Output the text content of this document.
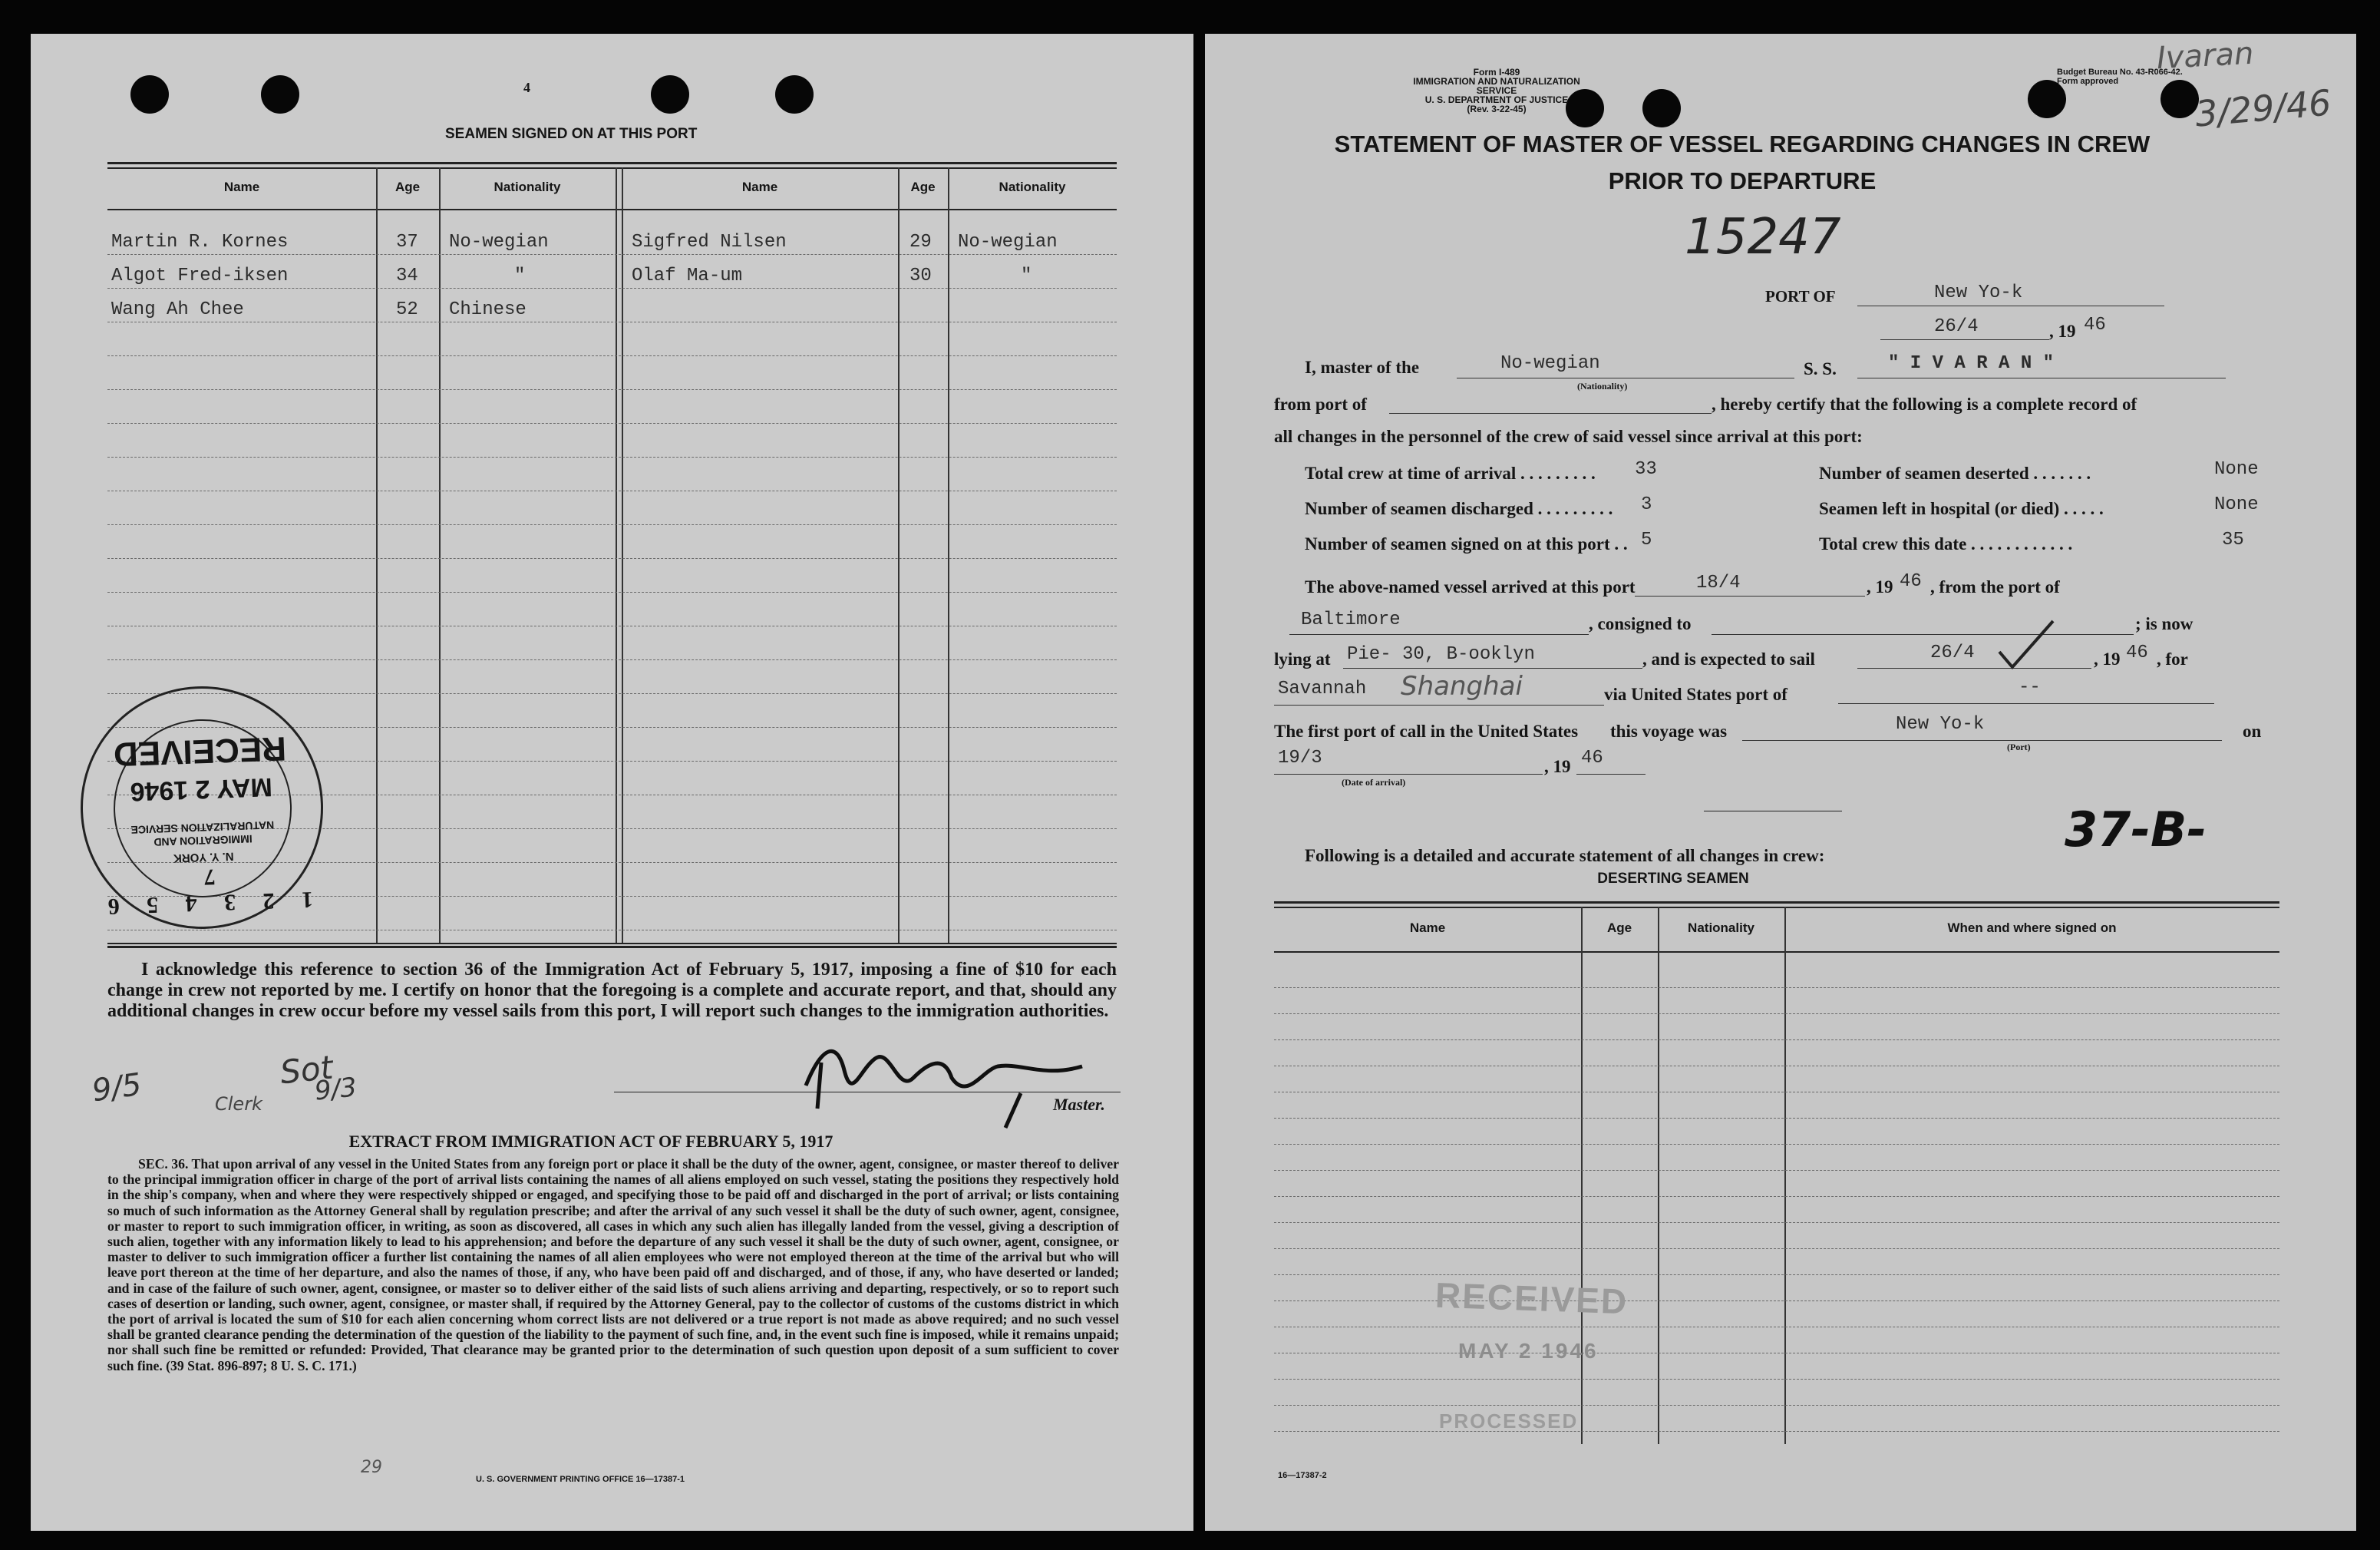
4
SEAMEN SIGNED ON AT THIS PORT
Name	Age	Nationality	Name	Age	Nationality
Martin R. Kornes	37 No-wegian	Sigfred Nilsen	29 No-wegian
Algot Fred-iksen	34	"	Olaf Ma-um	30	"
Wang Ah Chee	52 Chinese
1 2 3 4 5 6 7
N. Y. YORK
IMMIGRATION AND NATURALIZATION SERVICE
MAY 2 1946
RECEIVED
I acknowledge this reference to section 36 of the Immigration Act of February 5, 1917, imposing a fine of $10 for each change in crew not reported by me. I certify on honor that the foregoing is a complete and accurate report, and that, should any additional changes in crew occur before my vessel sails from this port, I will report such changes to the immigration authorities.
Master.
Clerk
9/5	Sot
9/3
EXTRACT FROM IMMIGRATION ACT OF FEBRUARY 5, 1917
SEC. 36. That upon arrival of any vessel in the United States from any foreign port or place it shall be the duty of the owner, agent, consignee, or master thereof to deliver to the principal immigration officer in charge of the port of arrival lists containing the names of all aliens employed on such vessel, stating the positions they respectively hold in the ship's company, when and where they were respectively shipped or engaged, and specifying those to be paid off and discharged in the port of arrival; or lists containing so much of such information as the Attorney General shall by regulation prescribe; and after the arrival of any such vessel it shall be the duty of such owner, agent, consignee, or master to report to such immigration officer, in writing, as soon as discovered, all cases in which any such alien has illegally landed from the vessel, giving a description of such alien, together with any information likely to lead to his apprehension; and before the departure of any such vessel it shall be the duty of such owner, agent, consignee, or master to deliver to such immigration officer a further list containing the names of all alien employees who were not employed thereon at the time of the arrival but who will leave port thereon at the time of her departure, and also the names of those, if any, who have been paid off and discharged, and of those, if any, who have deserted or landed; and in case of the failure of such owner, agent, consignee, or master so to deliver either of the said lists of such aliens arriving and departing, respectively, or so to report such cases of desertion or landing, such owner, agent, consignee, or master shall, if required by the Attorney General, pay to the collector of customs of the customs district in which the port of arrival is located the sum of $10 for each alien concerning whom correct lists are not delivered or a true report is not made as above required; and no such vessel shall be granted clearance pending the determination of the question of the liability to the payment of such fine, and, in the event such fine is imposed, while it remains unpaid; nor shall such fine be remitted or refunded: Provided, That clearance may be granted prior to the determination of such question upon deposit of a sum sufficient to cover such fine. (39 Stat. 896-897; 8 U. S. C. 171.)
29
U. S. GOVERNMENT PRINTING OFFICE 16—17387-1
Form I-489
IMMIGRATION AND NATURALIZATION SERVICE
U. S. DEPARTMENT OF JUSTICE
(Rev. 3-22-45)
Budget Bureau No. 43-R066-42.
Form approved
Ivaran
3/29/46
STATEMENT OF MASTER OF VESSEL REGARDING CHANGES IN CREW
PRIOR TO DEPARTURE
15247
PORT OF	New Yo-k
26/4	, 19 46
I, master of the	No-wegian
(Nationality)
S. S.	" I V A R A N "
from port of	, hereby certify that the following is a complete record of
all changes in the personnel of the crew of said vessel since arrival at this port:
Total crew at time of arrival . . . . . . . . . 33	Number of seamen deserted . . . . . . .	None
Number of seamen discharged . . . . . . . . . 3	Seamen left in hospital (or died) . . . . .	None
Number of seamen signed on at this port . . 5	Total crew this date . . . . . . . . . . . .	35
The above-named vessel arrived at this port	18/4	, 19 46 , from the port of
Baltimore	, consigned to	; is now
lying at Pie- 30, B-ooklyn	, and is expected to sail	26/4	, 19 46 , for
Savannah Shanghai	via United States port of	--
The first port of call in the United States this voyage was	New Yo-k
(Port)
on
19/3
(Date of arrival)
, 19 46
37-B-
Following is a detailed and accurate statement of all changes in crew:
DESERTING SEAMEN
Name	Age	Nationality	When and where signed on
RECEIVED
MAY 2 1946
PROCESSED
16—17387-2
